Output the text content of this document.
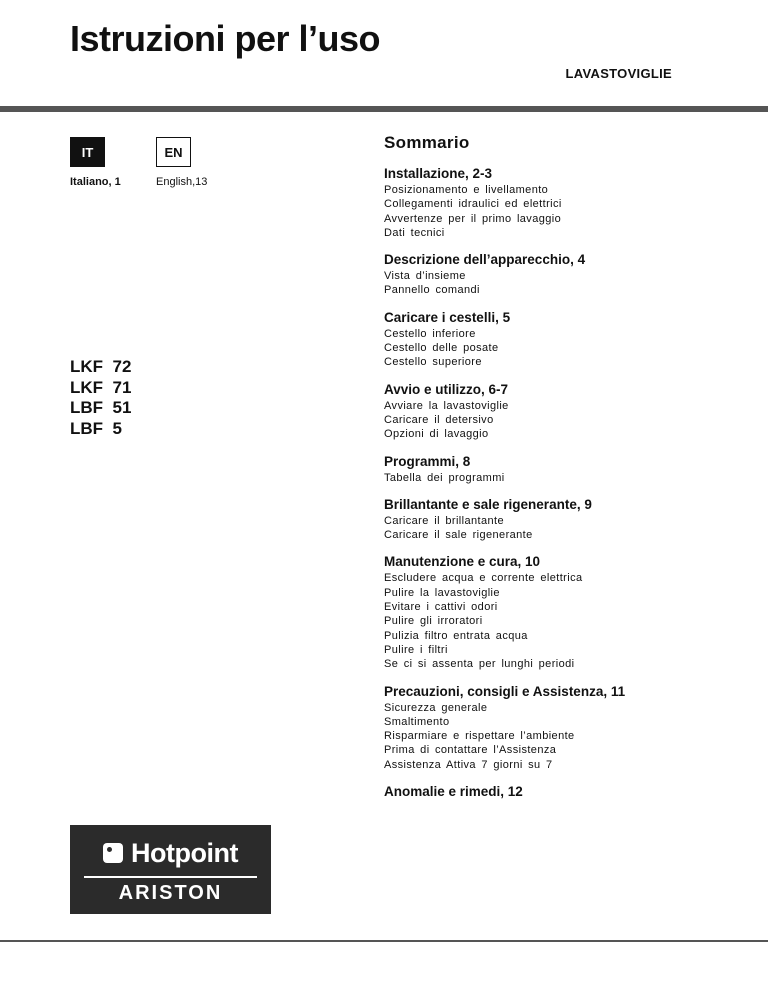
Istruzioni per l’uso
LAVASTOVIGLIE
IT	EN
Italiano, 1	English,13
LKF  72
LKF  71
LBF  51
LBF  5
Sommario
Installazione, 2-3
Posizionamento e livellamento
Collegamenti idraulici ed elettrici
Avvertenze per il primo lavaggio
Dati tecnici
Descrizione dell’apparecchio, 4
Vista d’insieme
Pannello comandi
Caricare i cestelli, 5
Cestello inferiore
Cestello delle posate
Cestello superiore
Avvio e utilizzo, 6-7
Avviare la lavastoviglie
Caricare il detersivo
Opzioni di lavaggio
Programmi, 8
Tabella dei programmi
Brillantante e sale rigenerante, 9
Caricare il brillantante
Caricare il sale rigenerante
Manutenzione e cura, 10
Escludere acqua e corrente elettrica
Pulire la lavastoviglie
Evitare i cattivi odori
Pulire gli irroratori
Pulizia filtro entrata acqua
Pulire i filtri
Se ci si assenta per lunghi periodi
Precauzioni, consigli e Assistenza, 11
Sicurezza generale
Smaltimento
Risparmiare e rispettare l’ambiente
Prima di contattare l’Assistenza
Assistenza Attiva 7 giorni su 7
Anomalie e rimedi, 12
Hotpoint
ARISTON
